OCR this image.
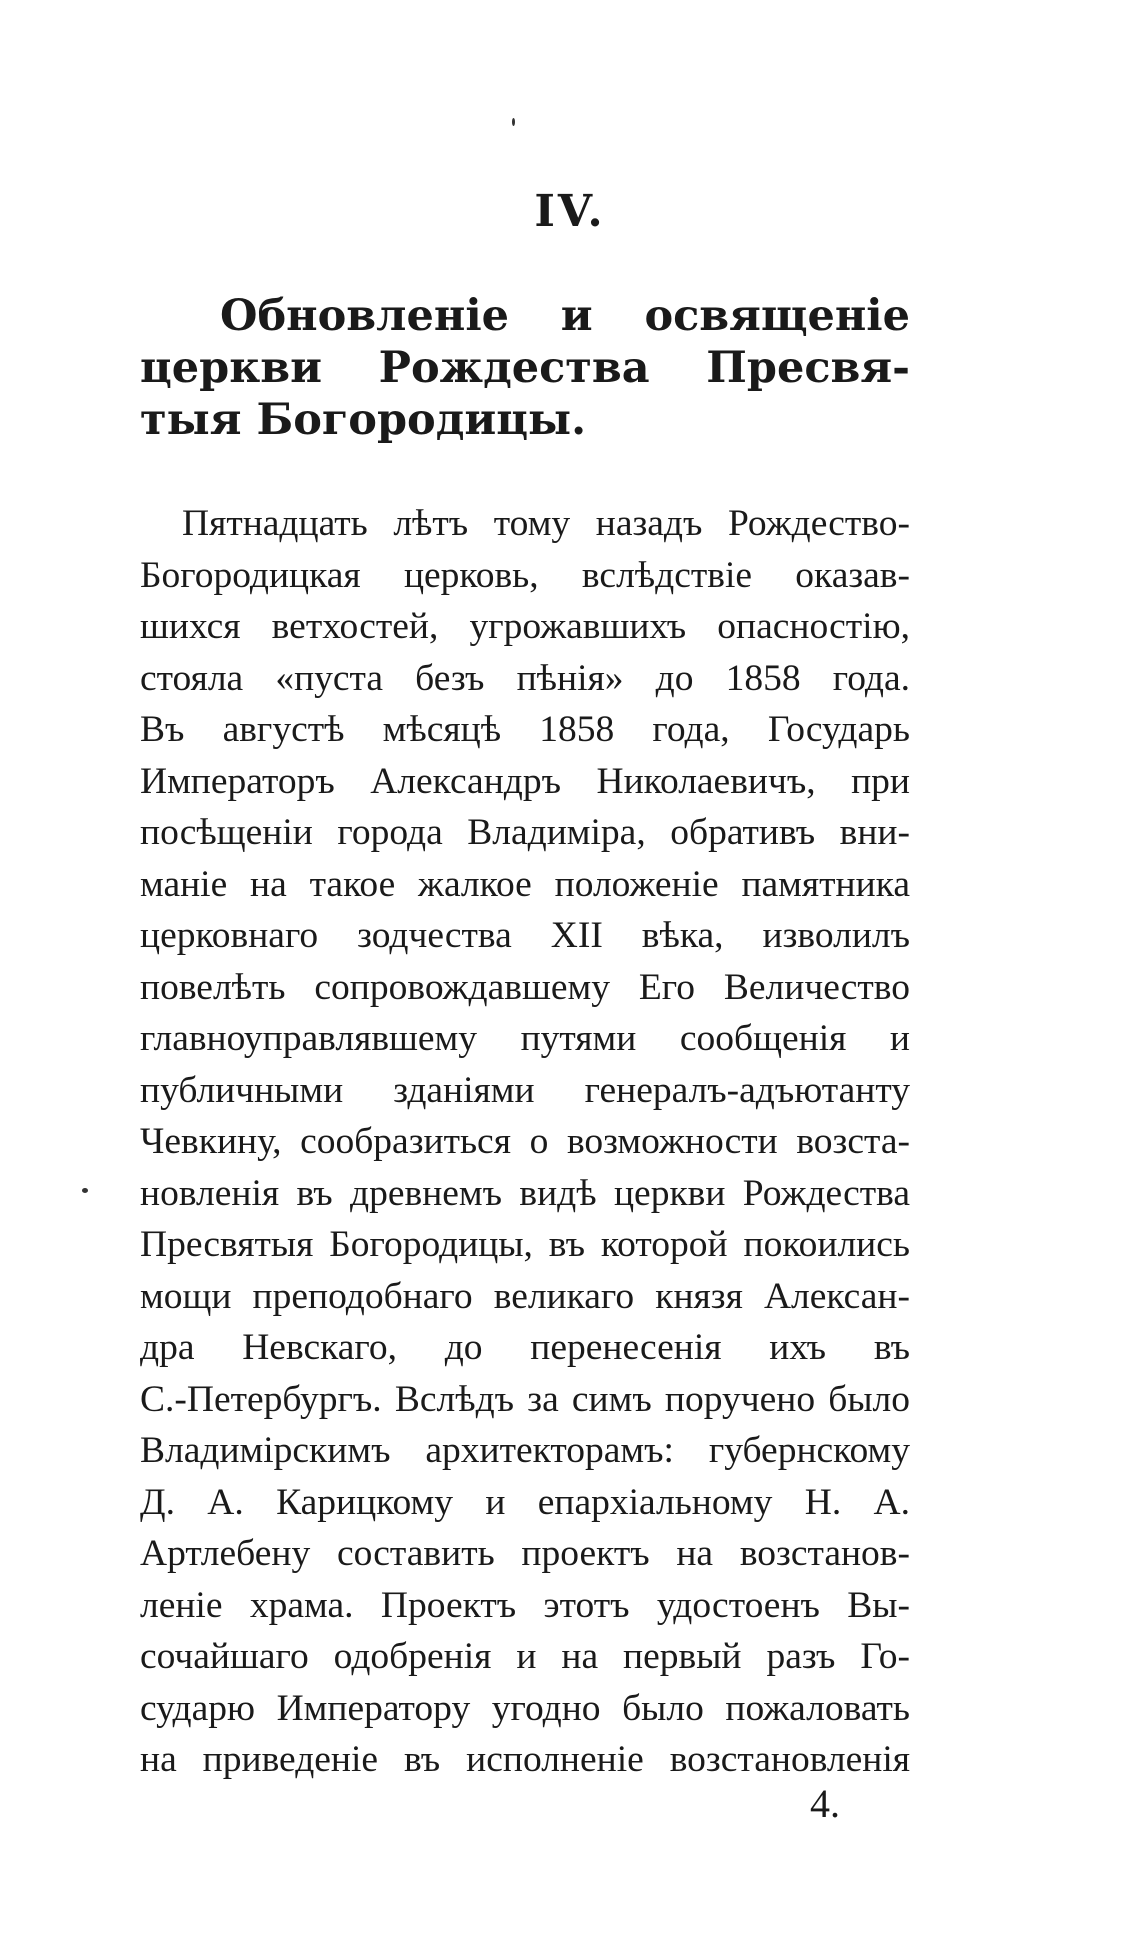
IV.
Обновленіе и освященіе
церкви Рождества Пресвя-
тыя Богородицы.
Пятнадцать лѣтъ тому назадъ Рождество-
Богородицкая церковь, вслѣдствіе оказав-
шихся ветхостей, угрожавшихъ опасностію,
стояла «пуста безъ пѣнія» до 1858 года.
Въ августѣ мѣсяцѣ 1858 года, Государь
Императоръ Александръ Николаевичъ, при
посѣщеніи города Владиміра, обративъ вни-
маніе на такое жалкое положеніе памятника
церковнаго зодчества XII вѣка, изволилъ
повелѣть сопровождавшему Его Величество
главноуправлявшему путями сообщенія и
публичными зданіями генералъ-адъютанту
Чевкину, сообразиться о возможности возста-
новленія въ древнемъ видѣ церкви Рождества
Пресвятыя Богородицы, въ которой покоились
мощи преподобнаго великаго князя Алексан-
дра Невскаго, до перенесенія ихъ въ
С.-Петербургъ. Вслѣдъ за симъ поручено было
Владимірскимъ архитекторамъ: губернскому
Д. А. Карицкому и епархіальному Н. А.
Артлебену составить проектъ на возстанов-
леніе храма. Проектъ этотъ удостоенъ Вы-
сочайшаго одобренія и на первый разъ Го-
сударю Императору угодно было пожаловать
на приведеніе въ исполненіе возстановленія
4.
